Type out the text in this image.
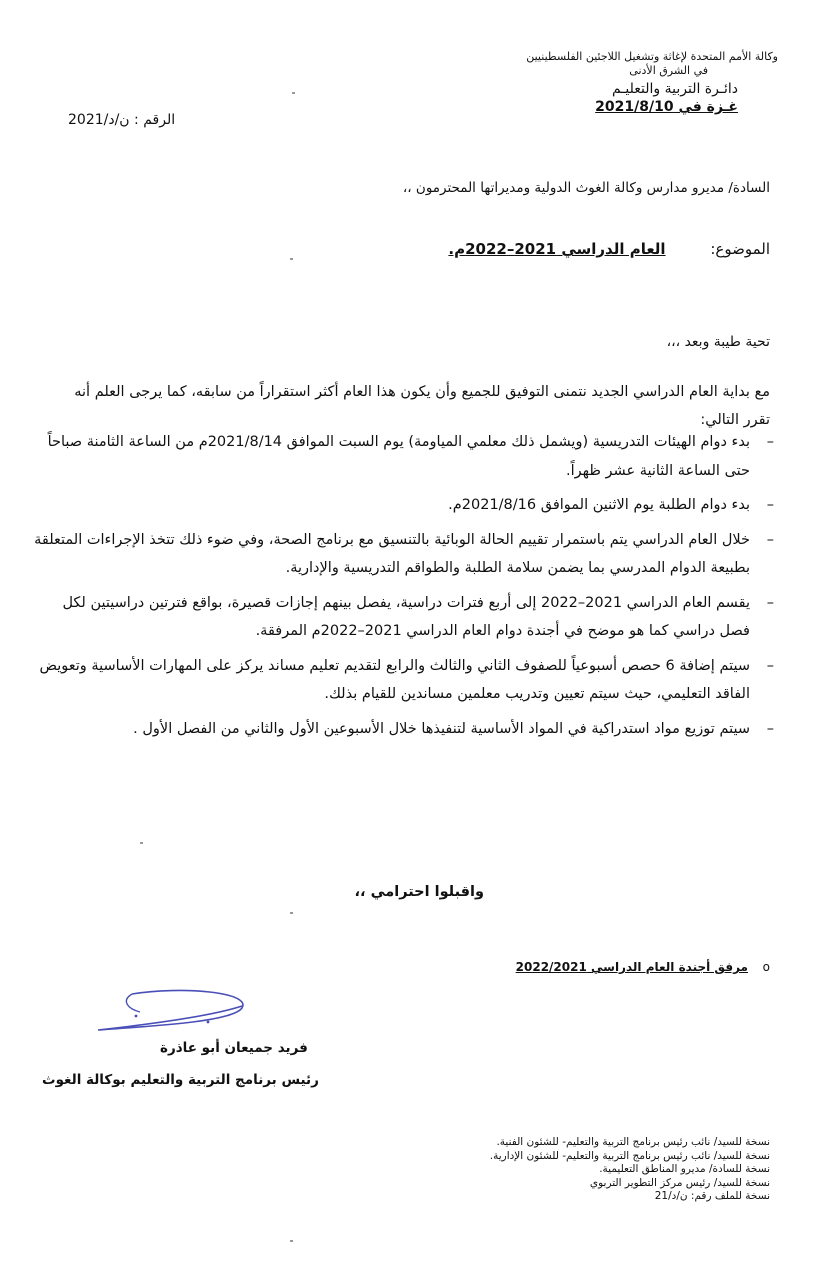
وكالة الأمم المتحدة لإغاثة وتشغيل اللاجئين الفلسطينيين
في الشرق الأدنى
دائـرة التربية والتعليـم
غـزة في 2021/8/10
الرقم : ن/د/2021
السادة/ مديرو مدارس وكالة الغوث الدولية ومديراتها المحترمون ،،
الموضوع: العام الدراسي 2021–2022م.
تحية طيبة وبعد ،،،
مع بداية العام الدراسي الجديد نتمنى التوفيق للجميع وأن يكون هذا العام أكثر استقراراً من سابقه، كما يرجى العلم أنه تقرر التالي:
–
بدء دوام الهيئات التدريسية (ويشمل ذلك معلمي المياومة) يوم السبت الموافق 2021/8/14م من الساعة الثامنة صباحاً حتى الساعة الثانية عشر ظهراً.
–
بدء دوام الطلبة يوم الاثنين الموافق 2021/8/16م.
–
خلال العام الدراسي يتم باستمرار تقييم الحالة الوبائية بالتنسيق مع برنامج الصحة، وفي ضوء ذلك تتخذ الإجراءات المتعلقة بطبيعة الدوام المدرسي بما يضمن سلامة الطلبة والطواقم التدريسية والإدارية.
–
يقسم العام الدراسي 2021–2022 إلى أربع فترات دراسية، يفصل بينهم إجازات قصيرة، بواقع فترتين دراسيتين لكل فصل دراسي كما هو موضح في أجندة دوام العام الدراسي 2021–2022م المرفقة.
–
سيتم إضافة 6 حصص أسبوعياً للصفوف الثاني والثالث والرابع لتقديم تعليم مساند يركز على المهارات الأساسية وتعويض الفاقد التعليمي، حيث سيتم تعيين وتدريب معلمين مساندين للقيام بذلك.
–
سيتم توزيع مواد استدراكية في المواد الأساسية لتنفيذها خلال الأسبوعين الأول والثاني من الفصل الأول .
واقبلوا احترامي ،،
o
مرفق أجندة العام الدراسي 2022/2021
فريد جميعان أبو عاذرة
رئيس برنامج التربية والتعليم بوكالة الغوث
نسخة للسيد/ نائب رئيس برنامج التربية والتعليم- للشئون الفنية.
نسخة للسيد/ نائب رئيس برنامج التربية والتعليم- للشئون الإدارية.
نسخة للسادة/ مديرو المناطق التعليمية.
نسخة للسيد/ رئيس مركز التطوير التربوي
نسخة للملف رقم: ن/د/21
